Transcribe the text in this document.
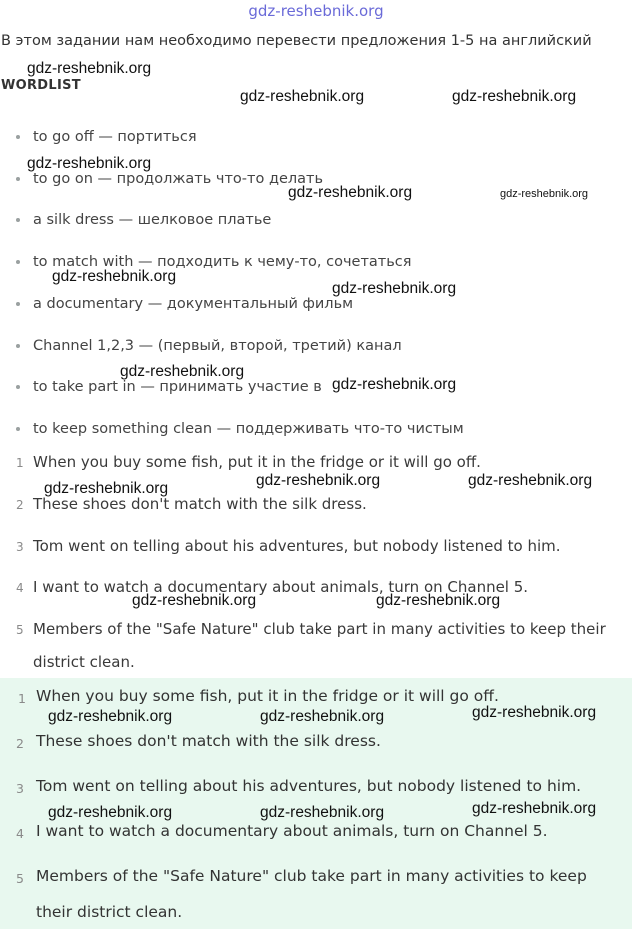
gdz-reshebnik.org
В этом задании нам необходимо перевести предложения 1-5 на английский
WORDLIST
to go off — портиться
to go on — продолжать что-то делать
a silk dress — шелковое платье
to match with — подходить к чему-то, сочетаться
a documentary — документальный фильм
Channel 1,2,3 — (первый, второй, третий) канал
to take part in — принимать участие в
to keep something clean — поддерживать что-то чистым
1 When you buy some fish, put it in the fridge or it will go off.
2 These shoes don't match with the silk dress.
3 Tom went on telling about his adventures, but nobody listened to him.
4 I want to watch a documentary about animals, turn on Channel 5.
5 Members of the "Safe Nature" club take part in many activities to keep their
district clean.
1 When you buy some fish, put it in the fridge or it will go off.
2 These shoes don't match with the silk dress.
3 Tom went on telling about his adventures, but nobody listened to him.
4 I want to watch a documentary about animals, turn on Channel 5.
5 Members of the "Safe Nature" club take part in many activities to keep
their district clean.
gdz-reshebnik.org
gdz-reshebnik.org	gdz-reshebnik.org
gdz-reshebnik.org
gdz-reshebnik.org	gdz-reshebnik.org
gdz-reshebnik.org
gdz-reshebnik.org
gdz-reshebnik.org
gdz-reshebnik.org
gdz-reshebnik.org	gdz-reshebnik.org	gdz-reshebnik.org
gdz-reshebnik.org	gdz-reshebnik.org
gdz-reshebnik.org	gdz-reshebnik.org	gdz-reshebnik.org
gdz-reshebnik.org	gdz-reshebnik.org	gdz-reshebnik.org
